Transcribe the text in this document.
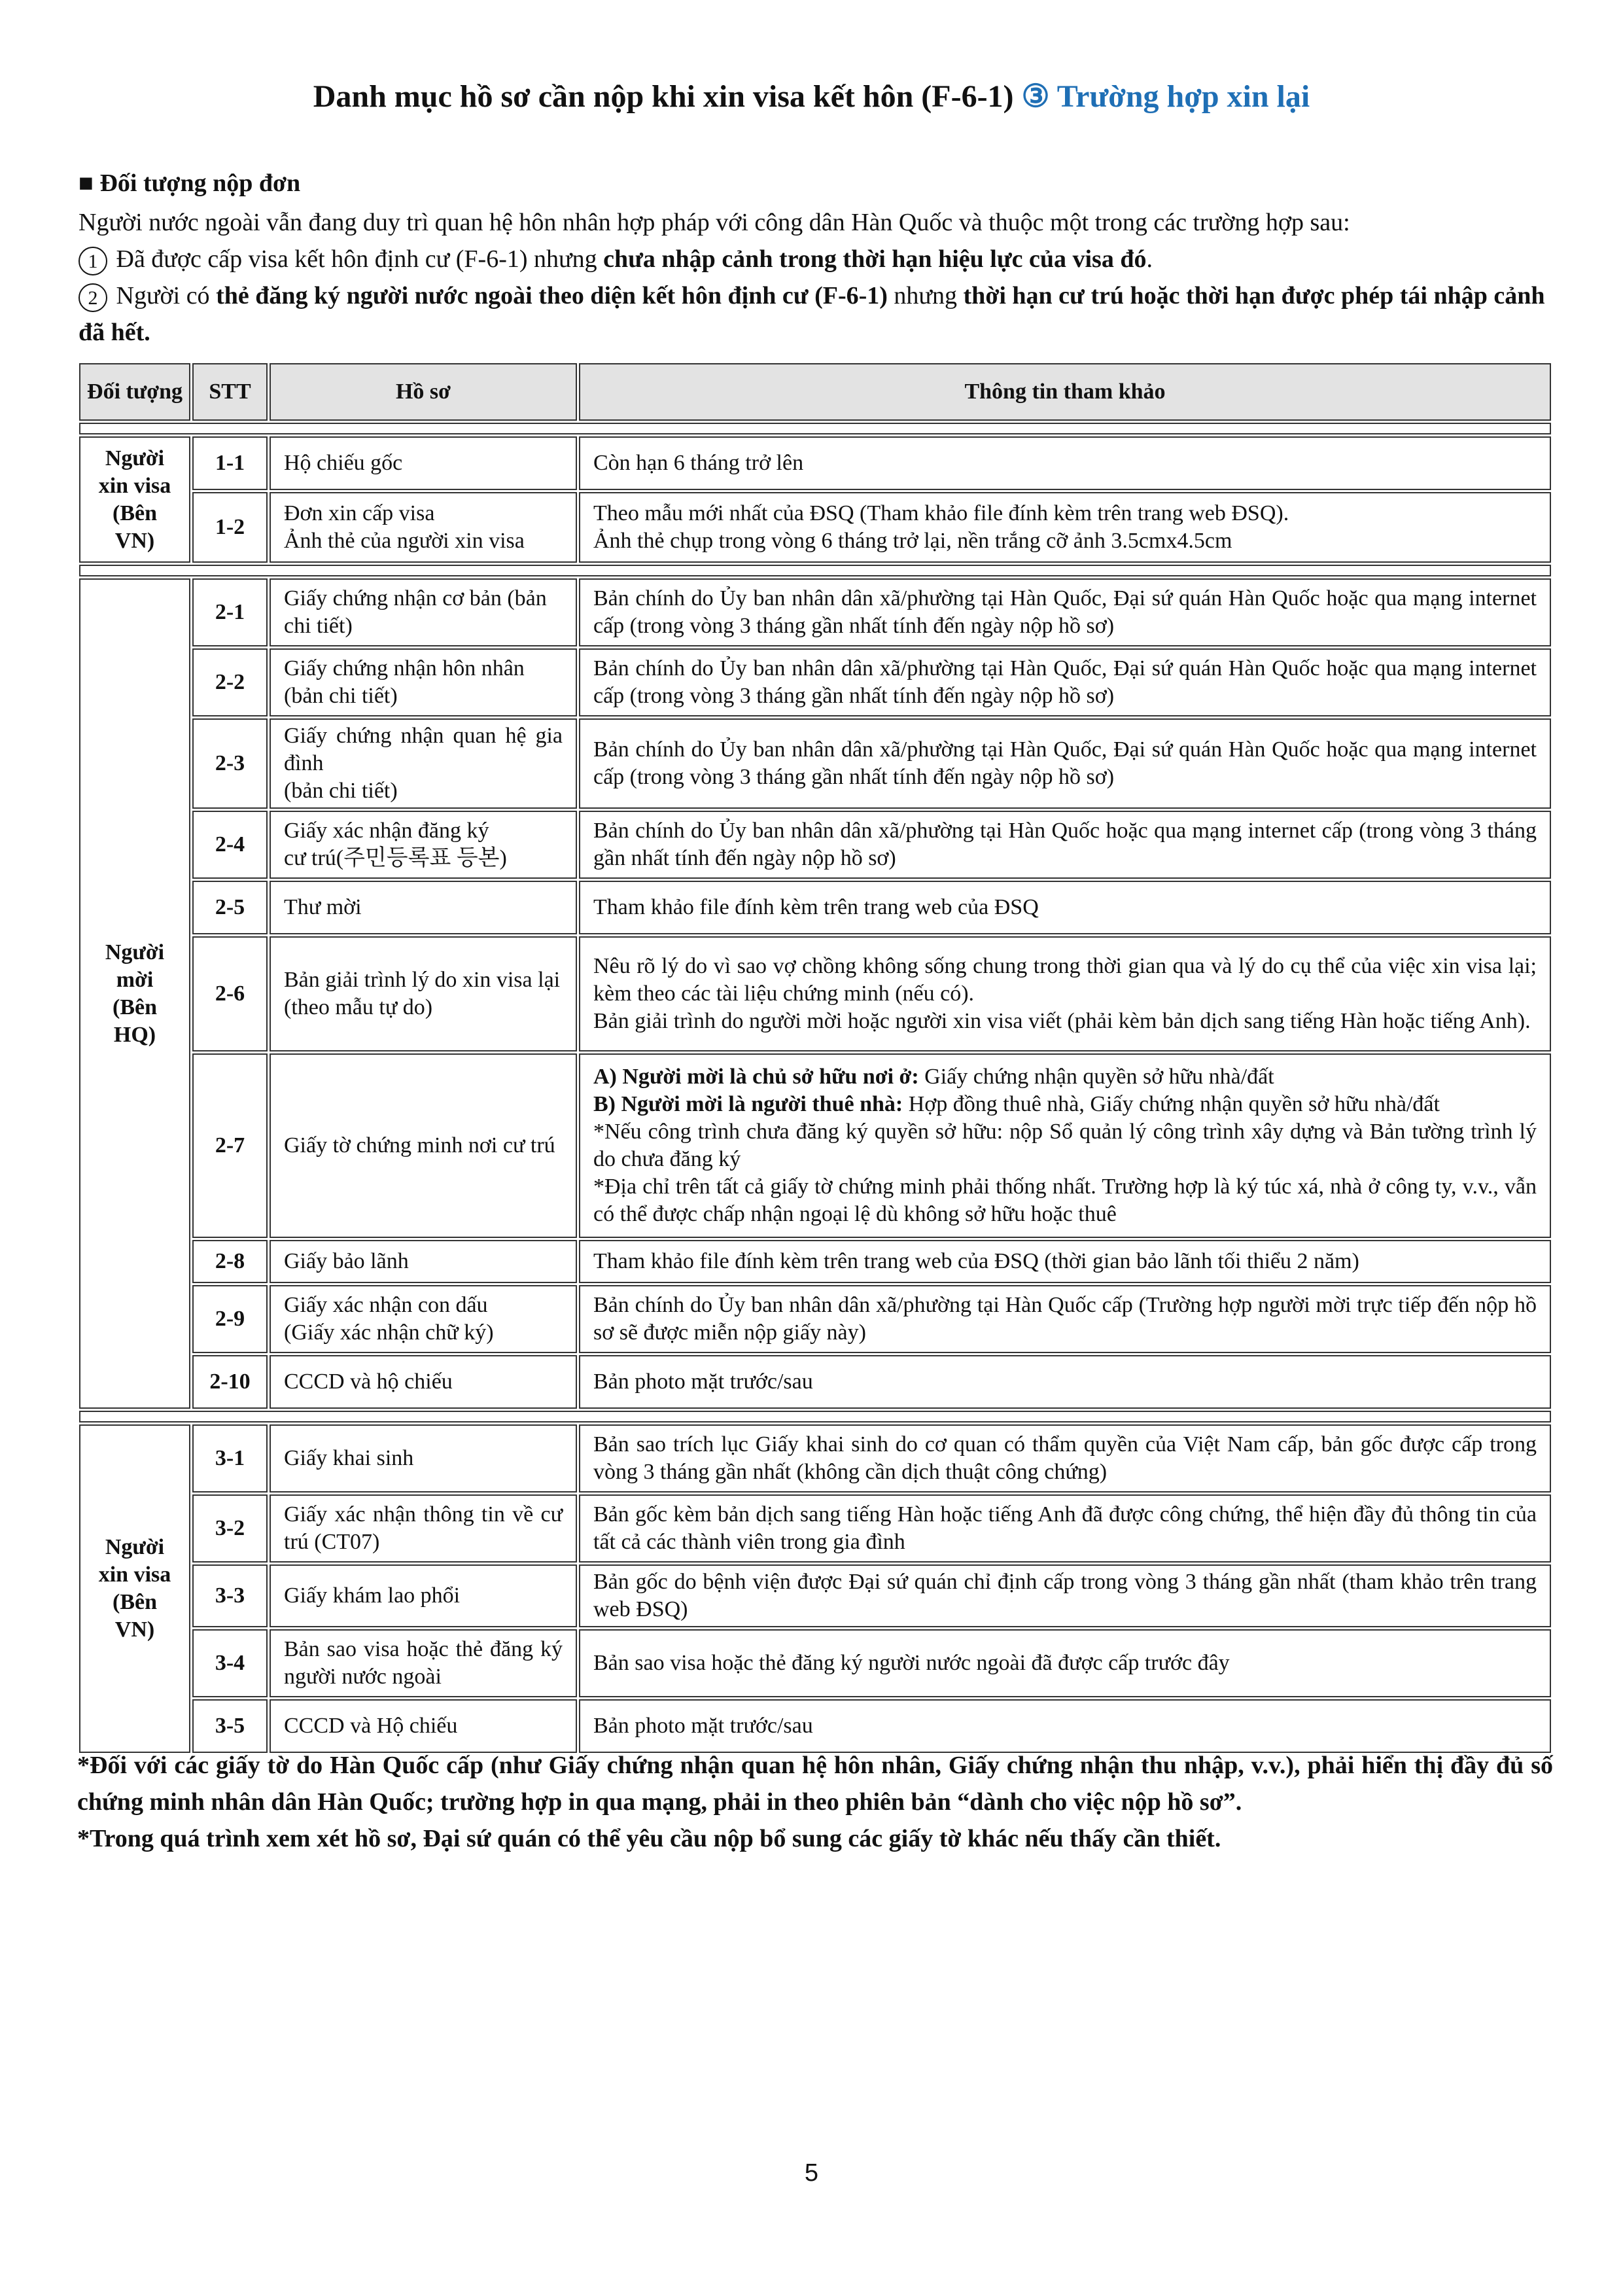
Danh mục hồ sơ cần nộp khi xin visa kết hôn (F-6-1) ③ Trường hợp xin lại
■ Đối tượng nộp đơn

Người nước ngoài vẫn đang duy trì quan hệ hôn nhân hợp pháp với công dân Hàn Quốc và thuộc một trong các trường hợp sau:

1 Đã được cấp visa kết hôn định cư (F-6-1) nhưng chưa nhập cảnh trong thời hạn hiệu lực của visa đó.

2 Người có thẻ đăng ký người nước ngoài theo diện kết hôn định cư (F-6-1) nhưng thời hạn cư trú hoặc thời hạn được phép tái nhập cảnh đã hết.

Đối tượng	STT	Hồ sơ	Thông tin tham khảo

Người xin visa (Bên VN)	1-1	Hộ chiếu gốc	Còn hạn 6 tháng trở lên
	1-2	Đơn xin cấp visa
Ảnh thẻ của người xin visa	Theo mẫu mới nhất của ĐSQ (Tham khảo file đính kèm trên trang web ĐSQ).
Ảnh thẻ chụp trong vòng 6 tháng trở lại, nền trắng cỡ ảnh 3.5cmx4.5cm

Người mời (Bên HQ)	2-1	Giấy chứng nhận cơ bản (bản chi tiết)	Bản chính do Ủy ban nhân dân xã/phường tại Hàn Quốc, Đại sứ quán Hàn Quốc hoặc qua mạng internet cấp (trong vòng 3 tháng gần nhất tính đến ngày nộp hồ sơ)
	2-2	Giấy chứng nhận hôn nhân (bản chi tiết)	Bản chính do Ủy ban nhân dân xã/phường tại Hàn Quốc, Đại sứ quán Hàn Quốc hoặc qua mạng internet cấp (trong vòng 3 tháng gần nhất tính đến ngày nộp hồ sơ)
	2-3	Giấy chứng nhận quan hệ gia đình
(bản chi tiết)	Bản chính do Ủy ban nhân dân xã/phường tại Hàn Quốc, Đại sứ quán Hàn Quốc hoặc qua mạng internet cấp (trong vòng 3 tháng gần nhất tính đến ngày nộp hồ sơ)
	2-4	Giấy xác nhận đăng ký
cư trú(주민등록표 등본)	Bản chính do Ủy ban nhân dân xã/phường tại Hàn Quốc hoặc qua mạng internet cấp (trong vòng 3 tháng gần nhất tính đến ngày nộp hồ sơ)
	2-5	Thư mời	Tham khảo file đính kèm trên trang web của ĐSQ
	2-6	Bản giải trình lý do xin visa lại (theo mẫu tự do)	Nêu rõ lý do vì sao vợ chồng không sống chung trong thời gian qua và lý do cụ thể của việc xin visa lại; kèm theo các tài liệu chứng minh (nếu có).
Bản giải trình do người mời hoặc người xin visa viết (phải kèm bản dịch sang tiếng Hàn hoặc tiếng Anh).
	2-7	Giấy tờ chứng minh nơi cư trú	A) Người mời là chủ sở hữu nơi ở: Giấy chứng nhận quyền sở hữu nhà/đất
B) Người mời là người thuê nhà: Hợp đồng thuê nhà, Giấy chứng nhận quyền sở hữu nhà/đất
*Nếu công trình chưa đăng ký quyền sở hữu: nộp Sổ quản lý công trình xây dựng và Bản tường trình lý do chưa đăng ký
*Địa chỉ trên tất cả giấy tờ chứng minh phải thống nhất. Trường hợp là ký túc xá, nhà ở công ty, v.v., vẫn có thể được chấp nhận ngoại lệ dù không sở hữu hoặc thuê
	2-8	Giấy bảo lãnh	Tham khảo file đính kèm trên trang web của ĐSQ (thời gian bảo lãnh tối thiểu 2 năm)
	2-9	Giấy xác nhận con dấu
(Giấy xác nhận chữ ký)	Bản chính do Ủy ban nhân dân xã/phường tại Hàn Quốc cấp (Trường hợp người mời trực tiếp đến nộp hồ sơ sẽ được miễn nộp giấy này)
	2-10	CCCD và hộ chiếu	Bản photo mặt trước/sau

Người xin visa (Bên VN)	3-1	Giấy khai sinh	Bản sao trích lục Giấy khai sinh do cơ quan có thẩm quyền của Việt Nam cấp, bản gốc được cấp trong vòng 3 tháng gần nhất (không cần dịch thuật công chứng)
	3-2	Giấy xác nhận thông tin về cư trú (CT07)	Bản gốc kèm bản dịch sang tiếng Hàn hoặc tiếng Anh đã được công chứng, thể hiện đầy đủ thông tin của tất cả các thành viên trong gia đình
	3-3	Giấy khám lao phổi	Bản gốc do bệnh viện được Đại sứ quán chỉ định cấp trong vòng 3 tháng gần nhất (tham khảo trên trang web ĐSQ)
	3-4	Bản sao visa hoặc thẻ đăng ký người nước ngoài	Bản sao visa hoặc thẻ đăng ký người nước ngoài đã được cấp trước đây
	3-5	CCCD và Hộ chiếu	Bản photo mặt trước/sau

*Đối với các giấy tờ do Hàn Quốc cấp (như Giấy chứng nhận quan hệ hôn nhân, Giấy chứng nhận thu nhập, v.v.), phải hiển thị đầy đủ số chứng minh nhân dân Hàn Quốc; trường hợp in qua mạng, phải in theo phiên bản “dành cho việc nộp hồ sơ”.

*Trong quá trình xem xét hồ sơ, Đại sứ quán có thể yêu cầu nộp bổ sung các giấy tờ khác nếu thấy cần thiết.

5
